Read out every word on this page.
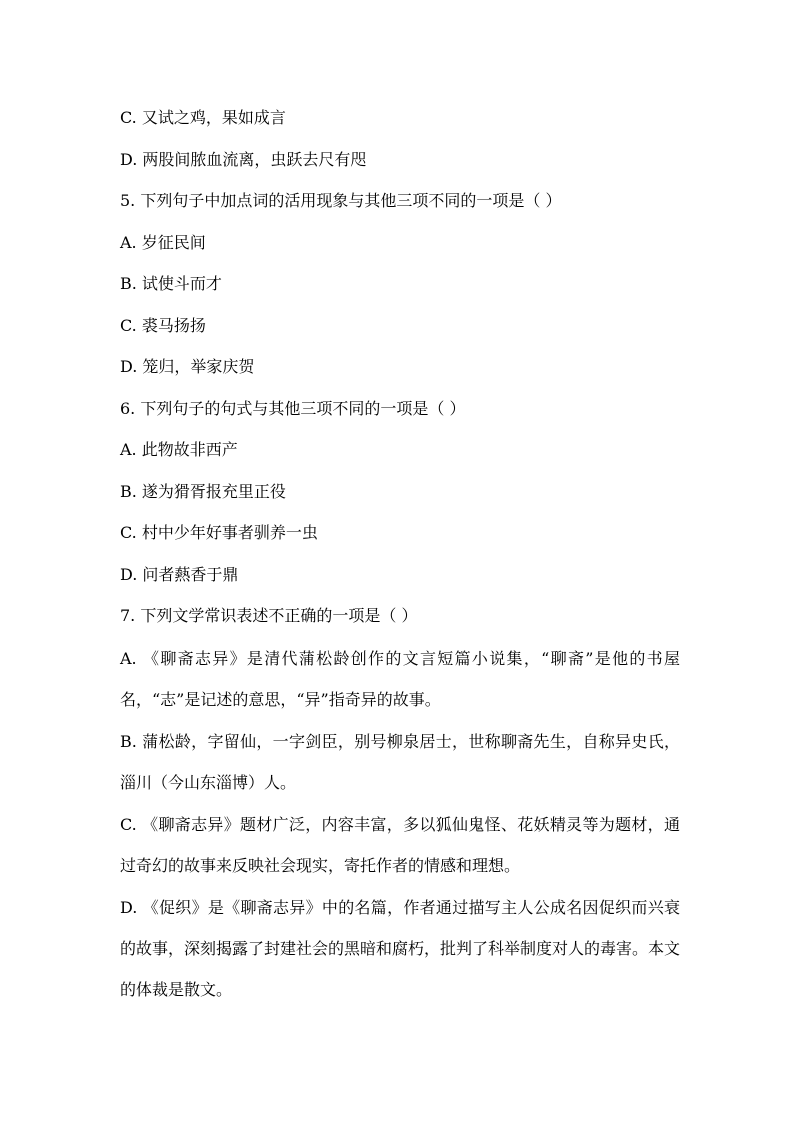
C. 又试之鸡，果如成言
D. 两股间脓血流离，虫跃去尺有咫
5. 下列句子中加点词的活用现象与其他三项不同的一项是（ ）
A. 岁征民间
B. 试使斗而才
C. 裘马扬扬
D. 笼归，举家庆贺
6. 下列句子的句式与其他三项不同的一项是（ ）
A. 此物故非西产
B. 遂为猾胥报充里正役
C. 村中少年好事者驯养一虫
D. 问者爇香于鼎
7. 下列文学常识表述不正确的一项是（ ）
A. 《聊斋志异》是清代蒲松龄创作的文言短篇小说集，“聊斋”是他的书屋名，“志”是记述的意思，“异”指奇异的故事。
B. 蒲松龄，字留仙，一字剑臣，别号柳泉居士，世称聊斋先生，自称异史氏，淄川（今山东淄博）人。
C. 《聊斋志异》题材广泛，内容丰富，多以狐仙鬼怪、花妖精灵等为题材，通过奇幻的故事来反映社会现实，寄托作者的情感和理想。
D. 《促织》是《聊斋志异》中的名篇，作者通过描写主人公成名因促织而兴衰的故事，深刻揭露了封建社会的黑暗和腐朽，批判了科举制度对人的毒害。本文的体裁是散文。
